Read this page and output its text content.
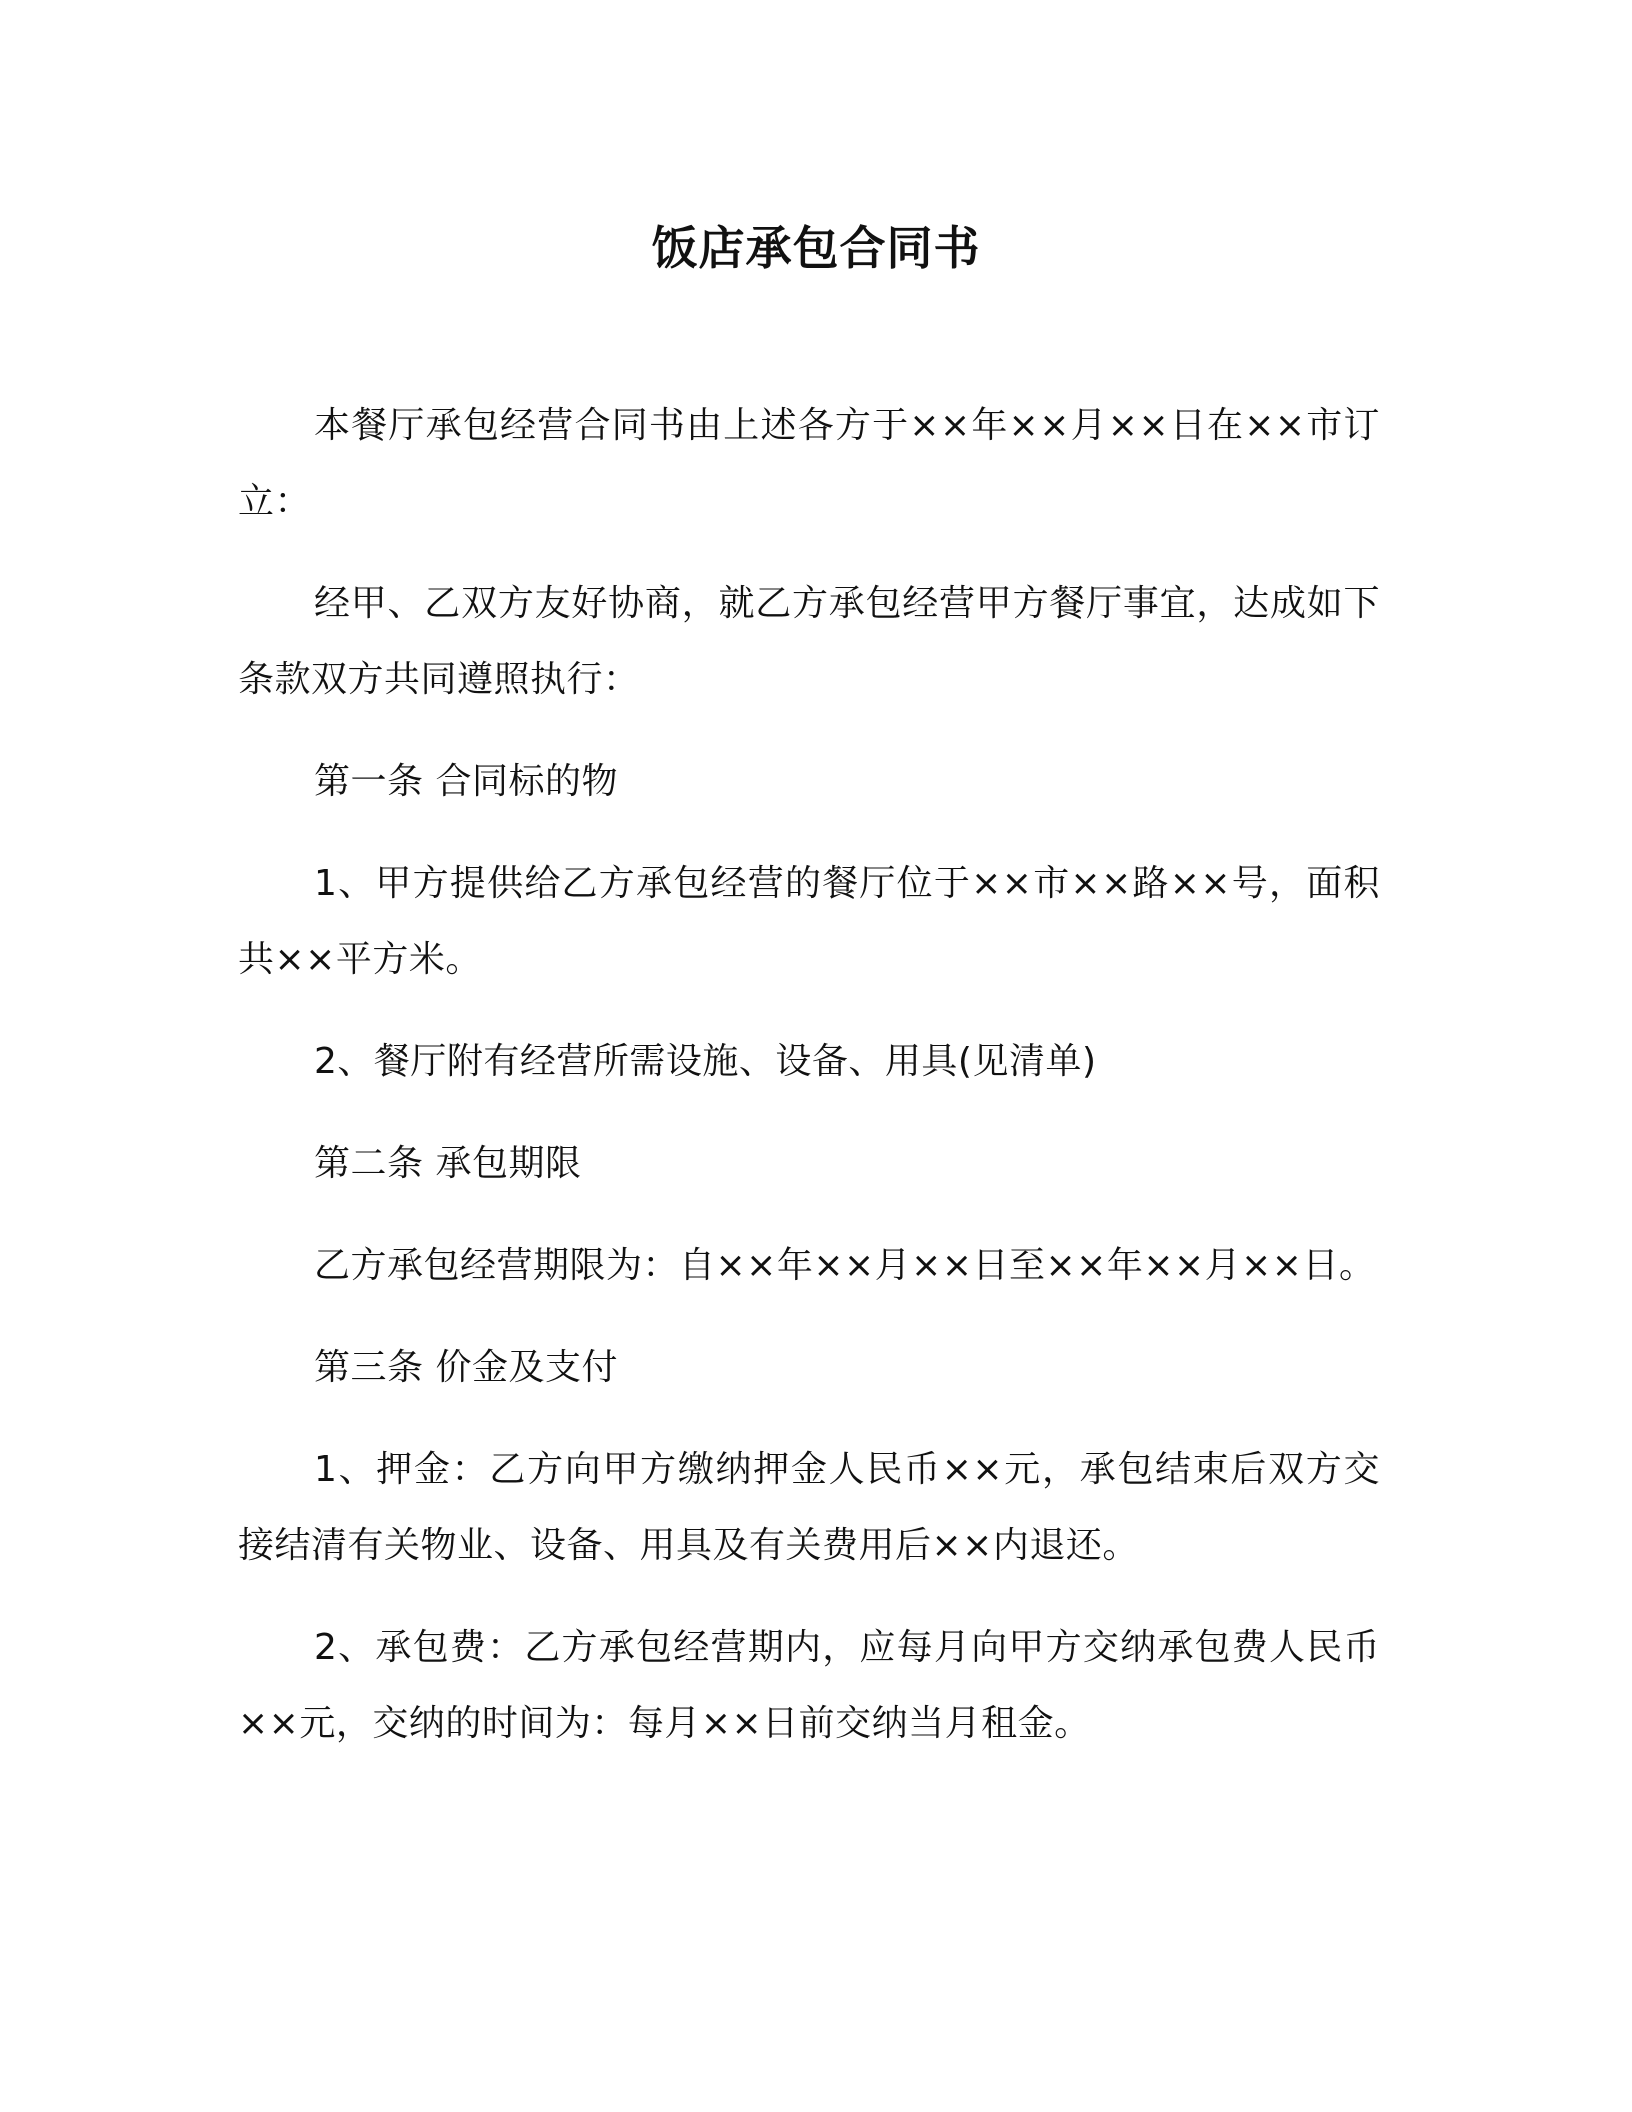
饭店承包合同书

本餐厅承包经营合同书由上述各方于××年××月××日在××市订立：

经甲、乙双方友好协商，就乙方承包经营甲方餐厅事宜，达成如下条款双方共同遵照执行：

第一条 合同标的物

1、甲方提供给乙方承包经营的餐厅位于××市××路××号，面积共××平方米。

2、餐厅附有经营所需设施、设备、用具(见清单)

第二条 承包期限

乙方承包经营期限为：自××年××月××日至××年××月××日。

第三条 价金及支付

1、押金：乙方向甲方缴纳押金人民币××元，承包结束后双方交接结清有关物业、设备、用具及有关费用后××内退还。

2、承包费：乙方承包经营期内，应每月向甲方交纳承包费人民币××元，交纳的时间为：每月××日前交纳当月租金。
